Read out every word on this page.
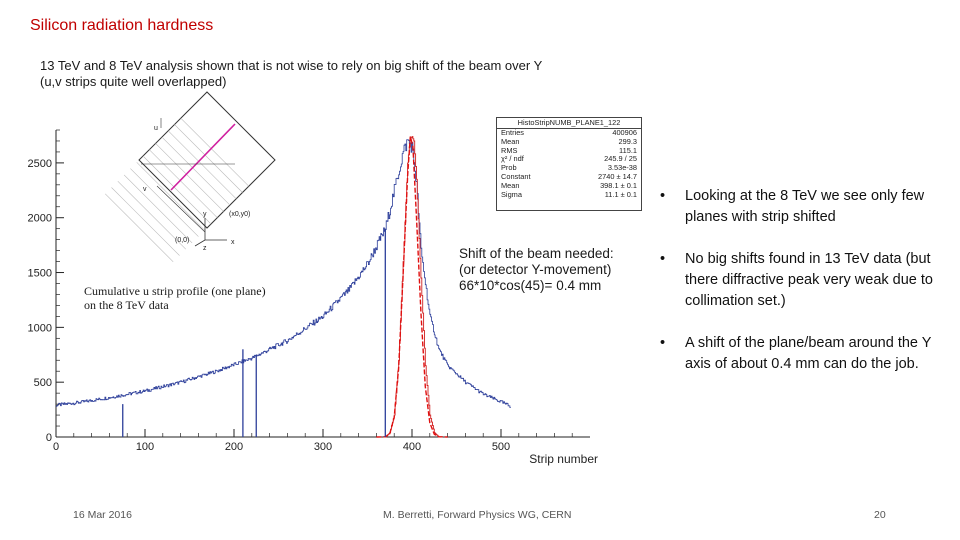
Silicon radiation hardness
13 TeV and 8 TeV analysis shown that is not wise to rely on big shift of the beam over Y
(u,v strips quite well overlapped)
0	100	200	300	400	500
0
500
1000
1500
2000
2500
Strip number
u
v
y
x
z
(0,0)
(x0,y0)
HistoStripNUMB_PLANE1_122
Entries	400906
Mean	299.3
RMS	115.1
χ² / ndf	245.9 / 25
Prob	3.53e-38
Constant	2740 ± 14.7
Mean	398.1 ± 0.1
Sigma	11.1 ± 0.1
Shift of the beam needed:
(or detector Y-movement)
66*10*cos(45)= 0.4 mm
Cumulative u strip profile (one plane)
on the 8 TeV data
• Looking at the 8 TeV we see only few planes with strip shifted
• No big shifts found in 13 TeV data (but there diffractive peak very weak due to collimation set.)
• A shift of the plane/beam around the Y axis of about 0.4 mm can do the job.
16 Mar 2016	M. Berretti, Forward Physics WG, CERN	20
